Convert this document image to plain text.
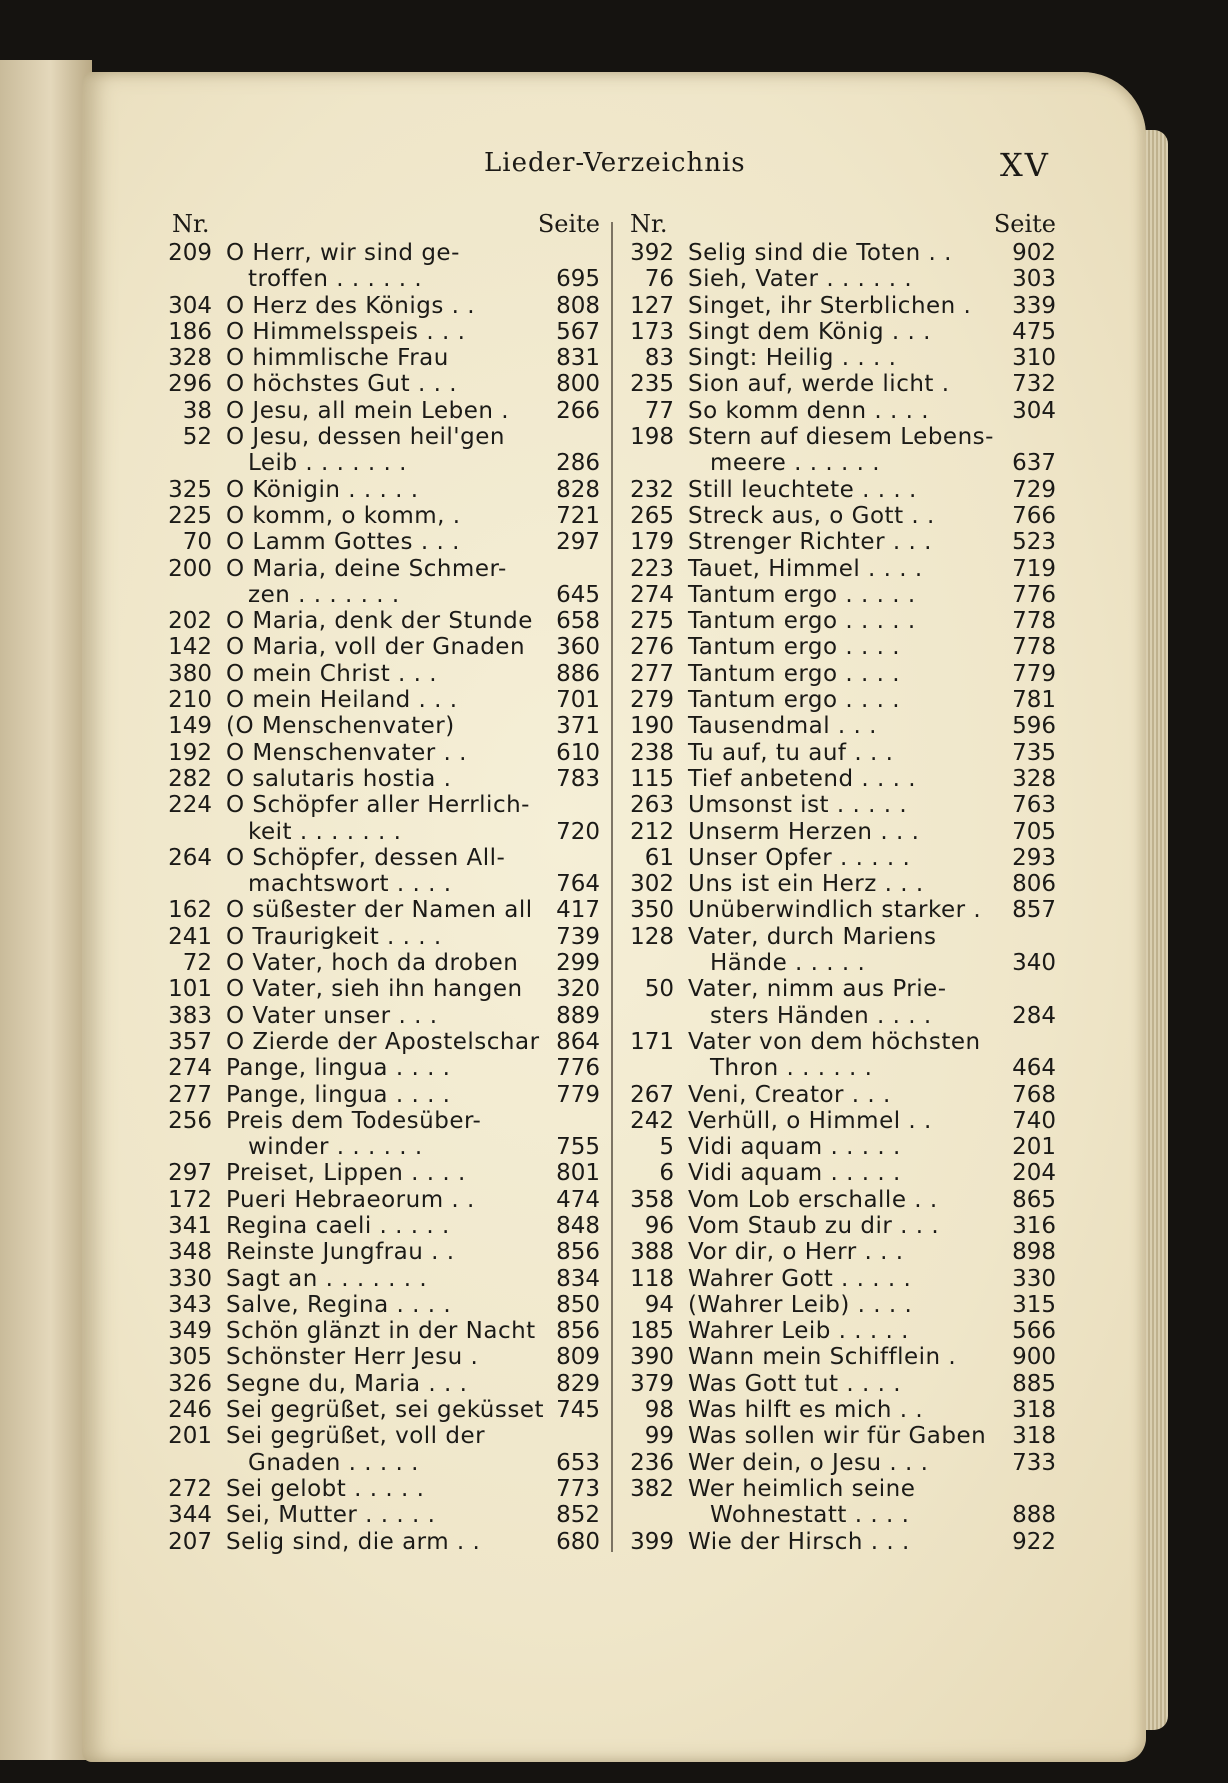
Lieder-Verzeichnis	XV
Nr.	Seite
209 O Herr, wir sind ge-
troffen . . . . . .	695
304 O Herz des Königs . .	808
186 O Himmelsspeis . . .	567
328 O himmlische Frau	831
296 O höchstes Gut . . .	800
38 O Jesu, all mein Leben . 266
52 O Jesu, dessen heil'gen
Leib . . . . . . .	286
325 O Königin . . . . .	828
225 O komm, o komm, .	721
70 O Lamm Gottes . . .	297
200 O Maria, deine Schmer-
zen . . . . . . .	645
202 O Maria, denk der Stunde 658
142 O Maria, voll der Gnaden 360
380 O mein Christ . . .	886
210 O mein Heiland . . .	701
149 (O Menschenvater)	371
192 O Menschenvater . .	610
282 O salutaris hostia .	783
224 O Schöpfer aller Herrlich-
keit . . . . . . .	720
264 O Schöpfer, dessen All-
machtswort . . . .	764
162 O süßester der Namen all 417
241 O Traurigkeit . . . .	739
72 O Vater, hoch da droben 299
101 O Vater, sieh ihn hangen 320
383 O Vater unser . . .	889
357 O Zierde der Apostelschar 864
274 Pange, lingua . . . .	776
277 Pange, lingua . . . .	779
256 Preis dem Todesüber-
winder . . . . . .	755
297 Preiset, Lippen . . . .	801
172 Pueri Hebraeorum . .	474
341 Regina caeli . . . . .	848
348 Reinste Jungfrau . .	856
330 Sagt an . . . . . . .	834
343 Salve, Regina . . . .	850
349 Schön glänzt in der Nacht 856
305 Schönster Herr Jesu .	809
326 Segne du, Maria . . .	829
246 Sei gegrüßet, sei geküsset 745
201 Sei gegrüßet, voll der
Gnaden . . . . .	653
272 Sei gelobt . . . . .	773
344 Sei, Mutter . . . . .	852
207 Selig sind, die arm . .	680
Nr.	Seite
392 Selig sind die Toten . .	902
76 Sieh, Vater . . . . . .	303
127 Singet, ihr Sterblichen . 339
173 Singt dem König . . .	475
83 Singt: Heilig . . . .	310
235 Sion auf, werde licht .	732
77 So komm denn . . . .	304
198 Stern auf diesem Lebens-
meere . . . . . .	637
232 Still leuchtete . . . .	729
265 Streck aus, o Gott . .	766
179 Strenger Richter . . .	523
223 Tauet, Himmel . . . .	719
274 Tantum ergo . . . . .	776
275 Tantum ergo . . . . .	778
276 Tantum ergo . . . .	778
277 Tantum ergo . . . .	779
279 Tantum ergo . . . .	781
190 Tausendmal . . .	596
238 Tu auf, tu auf . . .	735
115 Tief anbetend . . . .	328
263 Umsonst ist . . . . .	763
212 Unserm Herzen . . .	705
61 Unser Opfer . . . . .	293
302 Uns ist ein Herz . . .	806
350 Unüberwindlich starker . 857
128 Vater, durch Mariens
Hände . . . . .	340
50 Vater, nimm aus Prie-
sters Händen . . . .	284
171 Vater von dem höchsten
Thron . . . . . .	464
267 Veni, Creator . . .	768
242 Verhüll, o Himmel . .	740
5 Vidi aquam . . . . .	201
6 Vidi aquam . . . . .	204
358 Vom Lob erschalle . .	865
96 Vom Staub zu dir . . .	316
388 Vor dir, o Herr . . .	898
118 Wahrer Gott . . . . .	330
94 (Wahrer Leib) . . . .	315
185 Wahrer Leib . . . . .	566
390 Wann mein Schifflein . 900
379 Was Gott tut . . . .	885
98 Was hilft es mich . .	318
99 Was sollen wir für Gaben 318
236 Wer dein, o Jesu . . .	733
382 Wer heimlich seine
Wohnestatt . . . .	888
399 Wie der Hirsch . . .	922
